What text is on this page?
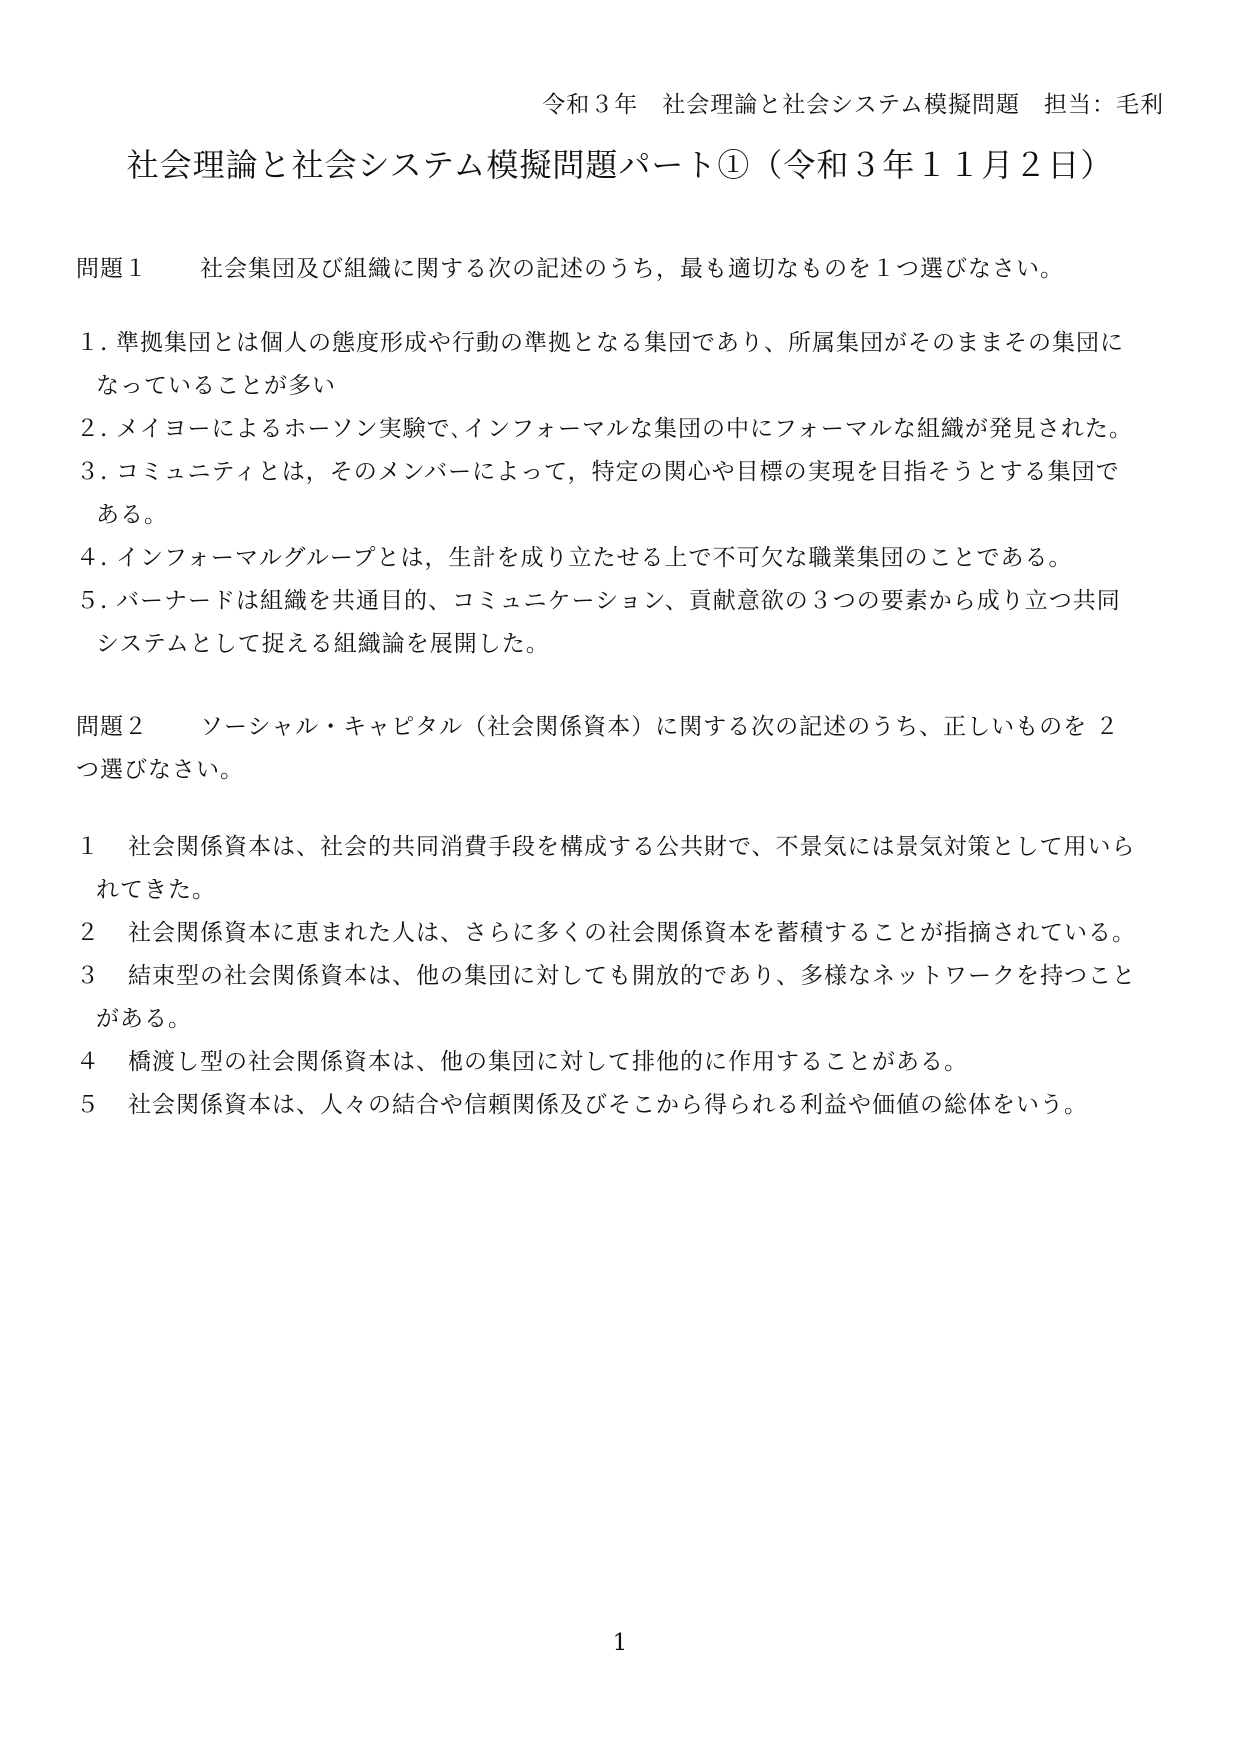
令和３年　社会理論と社会システム模擬問題　担当：毛利
社会理論と社会システム模擬問題パート①（令和３年１１月２日）
問題１ 社会集団及び組織に関する次の記述のうち，最も適切なものを１つ選びなさい。
１. 準拠集団とは個人の態度形成や行動の準拠となる集団であり、所属集団がそのままその集団に
なっていることが多い
２. メイヨーによるホーソン実験で､インフォーマルな集団の中にフォーマルな組織が発見された｡
３. コミュニティとは，そのメンバーによって，特定の関心や目標の実現を目指そうとする集団で
ある。
４. インフォーマルグループとは，生計を成り立たせる上で不可欠な職業集団のことである。
５. バーナードは組織を共通目的、コミュニケーション、貢献意欲の３つの要素から成り立つ共同
システムとして捉える組織論を展開した。
問題２ ソーシャル・キャピタル（社会関係資本）に関する次の記述のうち、正しいものを ２
つ選びなさい。
１ 社会関係資本は、社会的共同消費手段を構成する公共財で、不景気には景気対策として用いら
れてきた。
２ 社会関係資本に恵まれた人は、さらに多くの社会関係資本を蓄積することが指摘されている。
３ 結束型の社会関係資本は、他の集団に対しても開放的であり、多様なネットワークを持つこと
がある。
４ 橋渡し型の社会関係資本は、他の集団に対して排他的に作用することがある。
５ 社会関係資本は、人々の結合や信頼関係及びそこから得られる利益や価値の総体をいう。
1
